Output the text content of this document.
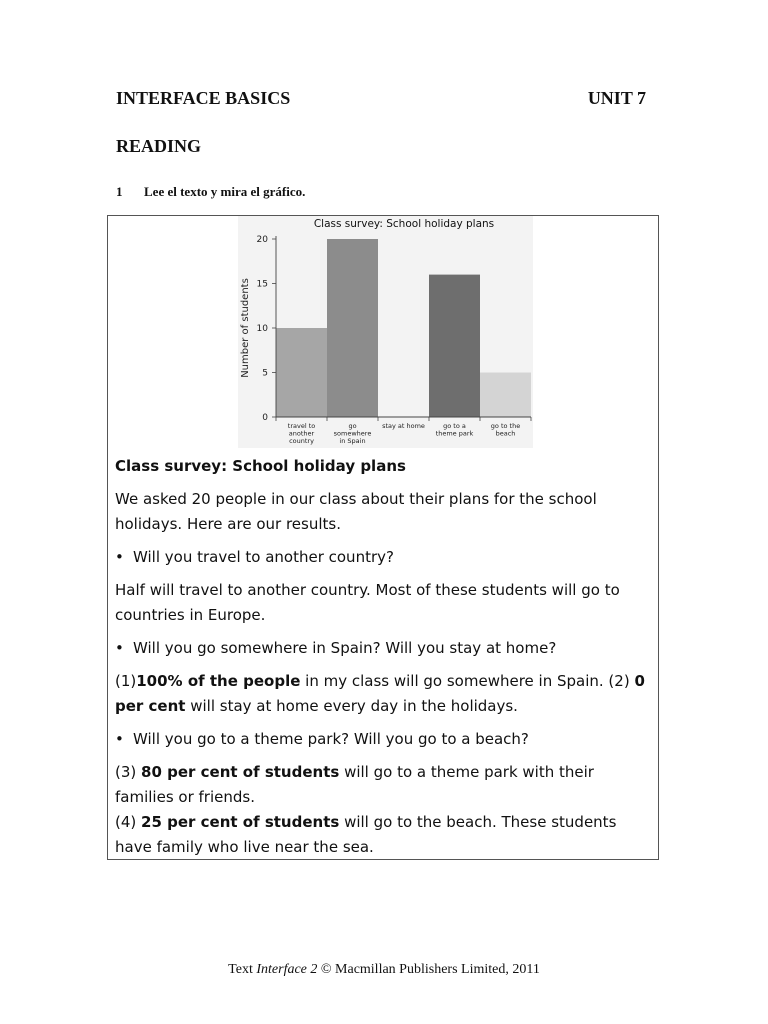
INTERFACE BASICS	UNIT 7
READING
1 Lee el texto y mira el gráfico.
Class survey: School holiday plans
Number of students
0
5
10
15
20
travel to another country
go somewhere in Spain
stay at home	go to a theme park
go to the beach

Class survey: School holiday plans

We asked 20 people in our class about their plans for the school holidays. Here are our results.

• Will you travel to another country?

Half will travel to another country. Most of these students will go to countries in Europe.

• Will you go somewhere in Spain? Will you stay at home?

(1)100% of the people in my class will go somewhere in Spain. (2) 0 per cent will stay at home every day in the holidays.

• Will you go to a theme park? Will you go to a beach?

(3) 80 per cent of students will go to a theme park with their families or friends.

(4) 25 per cent of students will go to the beach. These students have family who live near the sea.

Text Interface 2 © Macmillan Publishers Limited, 2011
